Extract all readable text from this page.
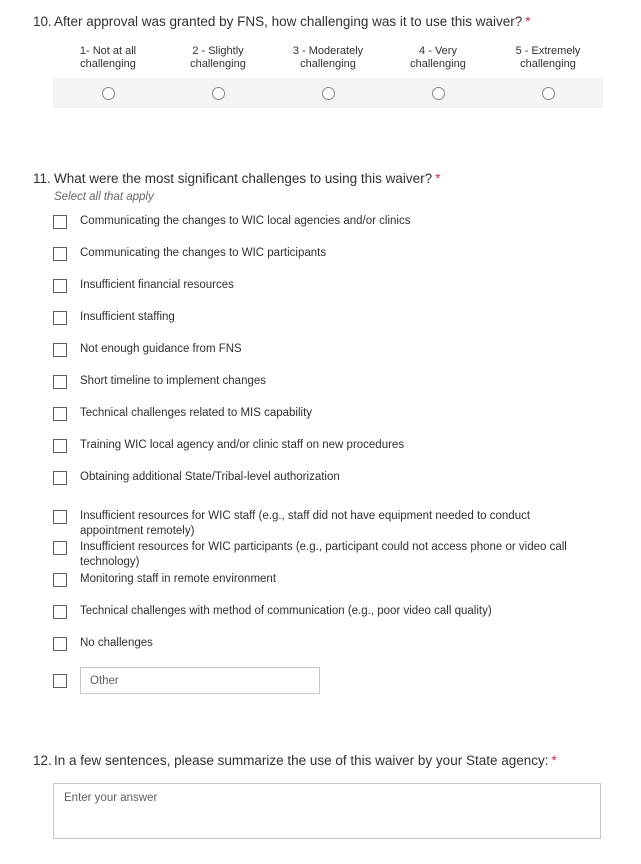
10. After approval was granted by FNS, how challenging was it to use this waiver? *
1- Not at all
challenging
2 - Slightly
challenging
3 - Moderately
challenging
4 - Very
challenging
5 - Extremely
challenging
11. What were the most significant challenges to using this waiver? *
Select all that apply
Communicating the changes to WIC local agencies and/or clinics
Communicating the changes to WIC participants
Insufficient financial resources
Insufficient staffing
Not enough guidance from FNS
Short timeline to implement changes
Technical challenges related to MIS capability
Training WIC local agency and/or clinic staff on new procedures
Obtaining additional State/Tribal-level authorization
Insufficient resources for WIC staff (e.g., staff did not have equipment needed to conduct appointment remotely)
Insufficient resources for WIC participants (e.g., participant could not access phone or video call technology)
Monitoring staff in remote environment
Technical challenges with method of communication (e.g., poor video call quality)
No challenges
Other
12. In a few sentences, please summarize the use of this waiver by your State agency: *
Enter your answer
